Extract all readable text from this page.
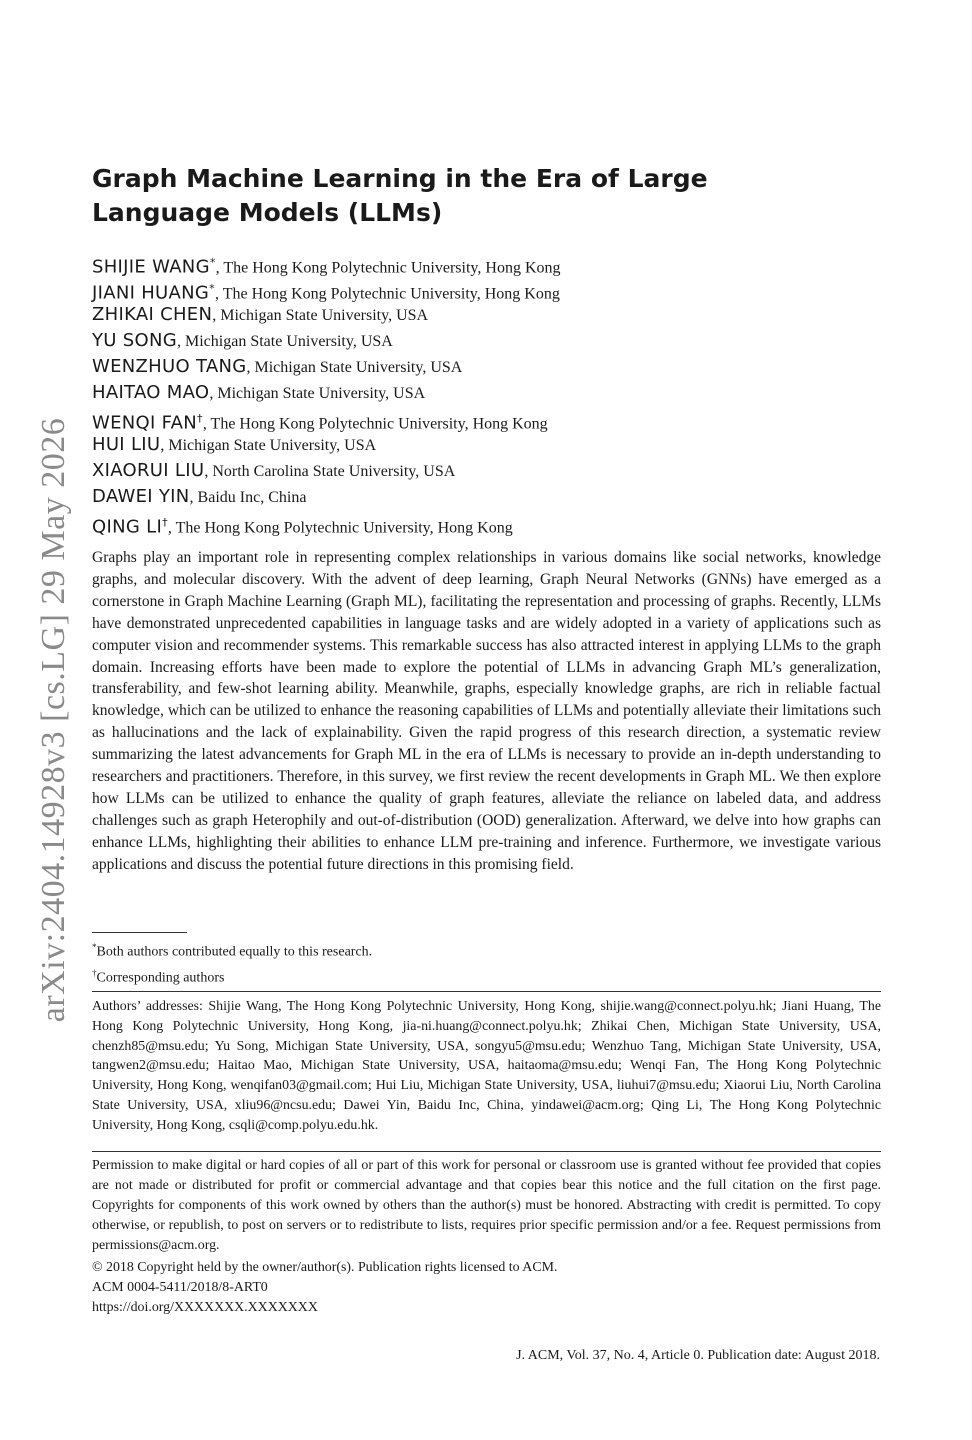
arXiv:2404.14928v3 [cs.LG] 29 May 2026
Graph Machine Learning in the Era of Large Language Models (LLMs)
SHIJIE WANG*, The Hong Kong Polytechnic University, Hong Kong
JIANI HUANG*, The Hong Kong Polytechnic University, Hong Kong
ZHIKAI CHEN, Michigan State University, USA
YU SONG, Michigan State University, USA
WENZHUO TANG, Michigan State University, USA
HAITAO MAO, Michigan State University, USA
WENQI FAN†, The Hong Kong Polytechnic University, Hong Kong
HUI LIU, Michigan State University, USA
XIAORUI LIU, North Carolina State University, USA
DAWEI YIN, Baidu Inc, China
QING LI†, The Hong Kong Polytechnic University, Hong Kong

Graphs play an important role in representing complex relationships in various domains like social networks, knowledge graphs, and molecular discovery. With the advent of deep learning, Graph Neural Networks (GNNs) have emerged as a cornerstone in Graph Machine Learning (Graph ML), facilitating the representation and processing of graphs. Recently, LLMs have demonstrated unprecedented capabilities in language tasks and are widely adopted in a variety of applications such as computer vision and recommender systems. This remarkable success has also attracted interest in applying LLMs to the graph domain. Increasing efforts have been made to explore the potential of LLMs in advancing Graph ML’s generalization, transferability, and few-shot learning ability. Meanwhile, graphs, especially knowledge graphs, are rich in reliable factual knowledge, which can be utilized to enhance the reasoning capabilities of LLMs and potentially alleviate their limitations such as hallucinations and the lack of explainability. Given the rapid progress of this research direction, a systematic review summarizing the latest advancements for Graph ML in the era of LLMs is necessary to provide an in-depth understanding to researchers and practitioners. Therefore, in this survey, we first review the recent developments in Graph ML. We then explore how LLMs can be utilized to enhance the quality of graph features, alleviate the reliance on labeled data, and address challenges such as graph Heterophily and out-of-distribution (OOD) generalization. Afterward, we delve into how graphs can enhance LLMs, highlighting their abilities to enhance LLM pre-training and inference. Furthermore, we investigate various applications and discuss the potential future directions in this promising field.

*Both authors contributed equally to this research.
†Corresponding authors

Authors’ addresses: Shijie Wang, The Hong Kong Polytechnic University, Hong Kong, shijie.wang@connect.polyu.hk; Jiani Huang, The Hong Kong Polytechnic University, Hong Kong, jia-ni.huang@connect.polyu.hk; Zhikai Chen, Michigan State University, USA, chenzh85@msu.edu; Yu Song, Michigan State University, USA, songyu5@msu.edu; Wenzhuo Tang, Michigan State University, USA, tangwen2@msu.edu; Haitao Mao, Michigan State University, USA, haitaoma@msu.edu; Wenqi Fan, The Hong Kong Polytechnic University, Hong Kong, wenqifan03@gmail.com; Hui Liu, Michigan State University, USA, liuhui7@msu.edu; Xiaorui Liu, North Carolina State University, USA, xliu96@ncsu.edu; Dawei Yin, Baidu Inc, China, yindawei@acm.org; Qing Li, The Hong Kong Polytechnic University, Hong Kong, csqli@comp.polyu.edu.hk.

Permission to make digital or hard copies of all or part of this work for personal or classroom use is granted without fee provided that copies are not made or distributed for profit or commercial advantage and that copies bear this notice and the full citation on the first page. Copyrights for components of this work owned by others than the author(s) must be honored. Abstracting with credit is permitted. To copy otherwise, or republish, to post on servers or to redistribute to lists, requires prior specific permission and/or a fee. Request permissions from permissions@acm.org.

© 2018 Copyright held by the owner/author(s). Publication rights licensed to ACM.
ACM 0004-5411/2018/8-ART0
https://doi.org/XXXXXXX.XXXXXXX
J. ACM, Vol. 37, No. 4, Article 0. Publication date: August 2018.
